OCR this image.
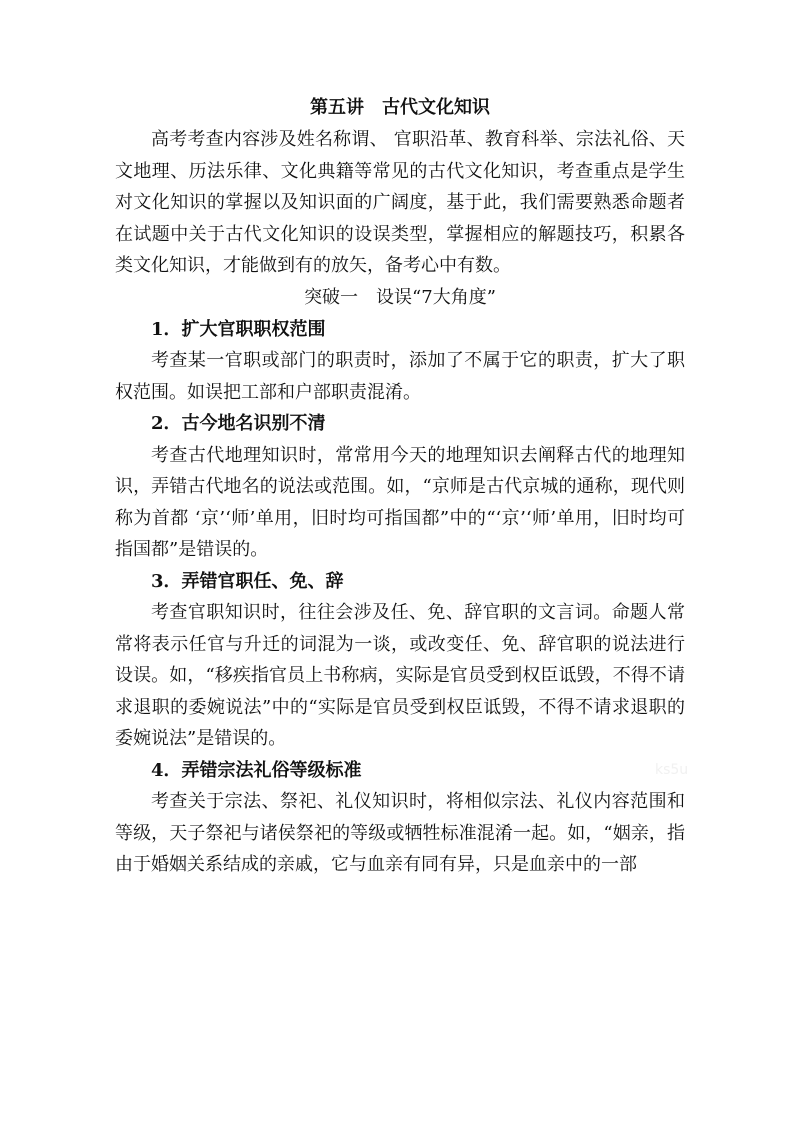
第五讲　古代文化知识

高考考查内容涉及姓名称谓、 官职沿革、教育科举、宗法礼俗、天文地理、历法乐律、文化典籍等常见的古代文化知识，考查重点是学生对文化知识的掌握以及知识面的广阔度，基于此，我们需要熟悉命题者在试题中关于古代文化知识的设误类型，掌握相应的解题技巧，积累各类文化知识，才能做到有的放矢，备考心中有数。

突破一　设误“7大角度”

1．扩大官职职权范围

考查某一官职或部门的职责时，添加了不属于它的职责，扩大了职权范围。如误把工部和户部职责混淆。

2．古今地名识别不清

考查古代地理知识时，常常用今天的地理知识去阐释古代的地理知识，弄错古代地名的说法或范围。如，“京师是古代京城的通称，现代则称为首都 ‘京’‘师’单用，旧时均可指国都”中的“‘京’‘师’单用，旧时均可指国都”是错误的。

3．弄错官职任、免、辞

考查官职知识时，往往会涉及任、免、辞官职的文言词。命题人常常将表示任官与升迁的词混为一谈，或改变任、免、辞官职的说法进行设误。如，“移疾指官员上书称病，实际是官员受到权臣诋毁，不得不请求退职的委婉说法”中的“实际是官员受到权臣诋毁，不得不请求退职的委婉说法”是错误的。

4．弄错宗法礼俗等级标准

考查关于宗法、祭祀、礼仪知识时，将相似宗法、礼仪内容范围和等级，天子祭祀与诸侯祭祀的等级或牺牲标准混淆一起。如，“姻亲，指由于婚姻关系结成的亲戚，它与血亲有同有异，只是血亲中的一部

ks5u
